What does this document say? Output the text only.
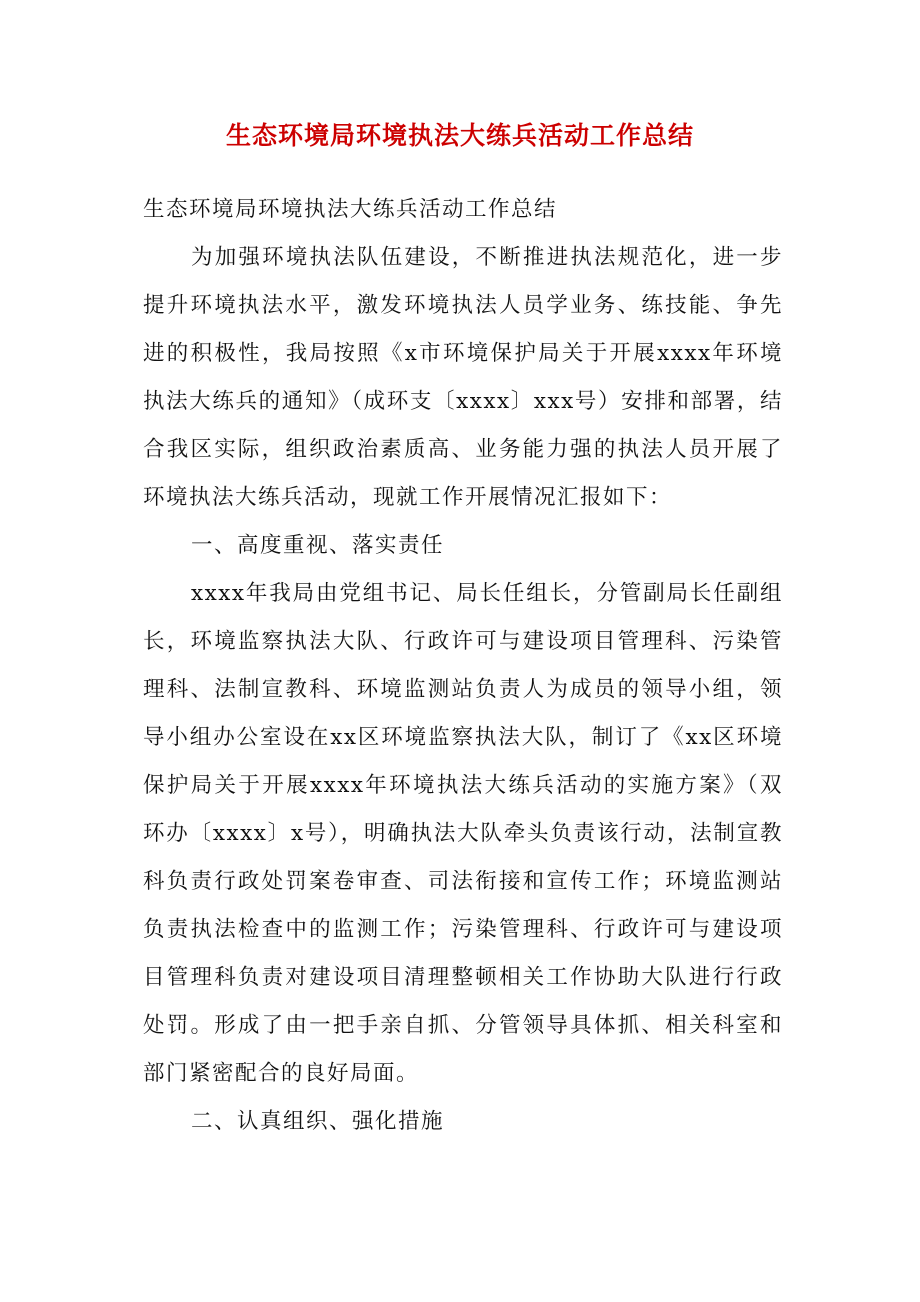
生态环境局环境执法大练兵活动工作总结

生态环境局环境执法大练兵活动工作总结

为加强环境执法队伍建设，不断推进执法规范化，进一步提升环境执法水平，激发环境执法人员学业务、练技能、争先进的积极性，我局按照《x市环境保护局关于开展xxxx年环境执法大练兵的通知》（成环支〔xxxx〕xxx号）安排和部署，结合我区实际，组织政治素质高、业务能力强的执法人员开展了环境执法大练兵活动，现就工作开展情况汇报如下：

一、高度重视、落实责任

xxxx年我局由党组书记、局长任组长，分管副局长任副组长，环境监察执法大队、行政许可与建设项目管理科、污染管理科、法制宣教科、环境监测站负责人为成员的领导小组，领导小组办公室设在xx区环境监察执法大队，制订了《xx区环境保护局关于开展xxxx年环境执法大练兵活动的实施方案》（双环办〔xxxx〕x号），明确执法大队牵头负责该行动，法制宣教科负责行政处罚案卷审查、司法衔接和宣传工作；环境监测站负责执法检查中的监测工作；污染管理科、行政许可与建设项目管理科负责对建设项目清理整顿相关工作协助大队进行行政处罚。形成了由一把手亲自抓、分管领导具体抓、相关科室和部门紧密配合的良好局面。

二、认真组织、强化措施
